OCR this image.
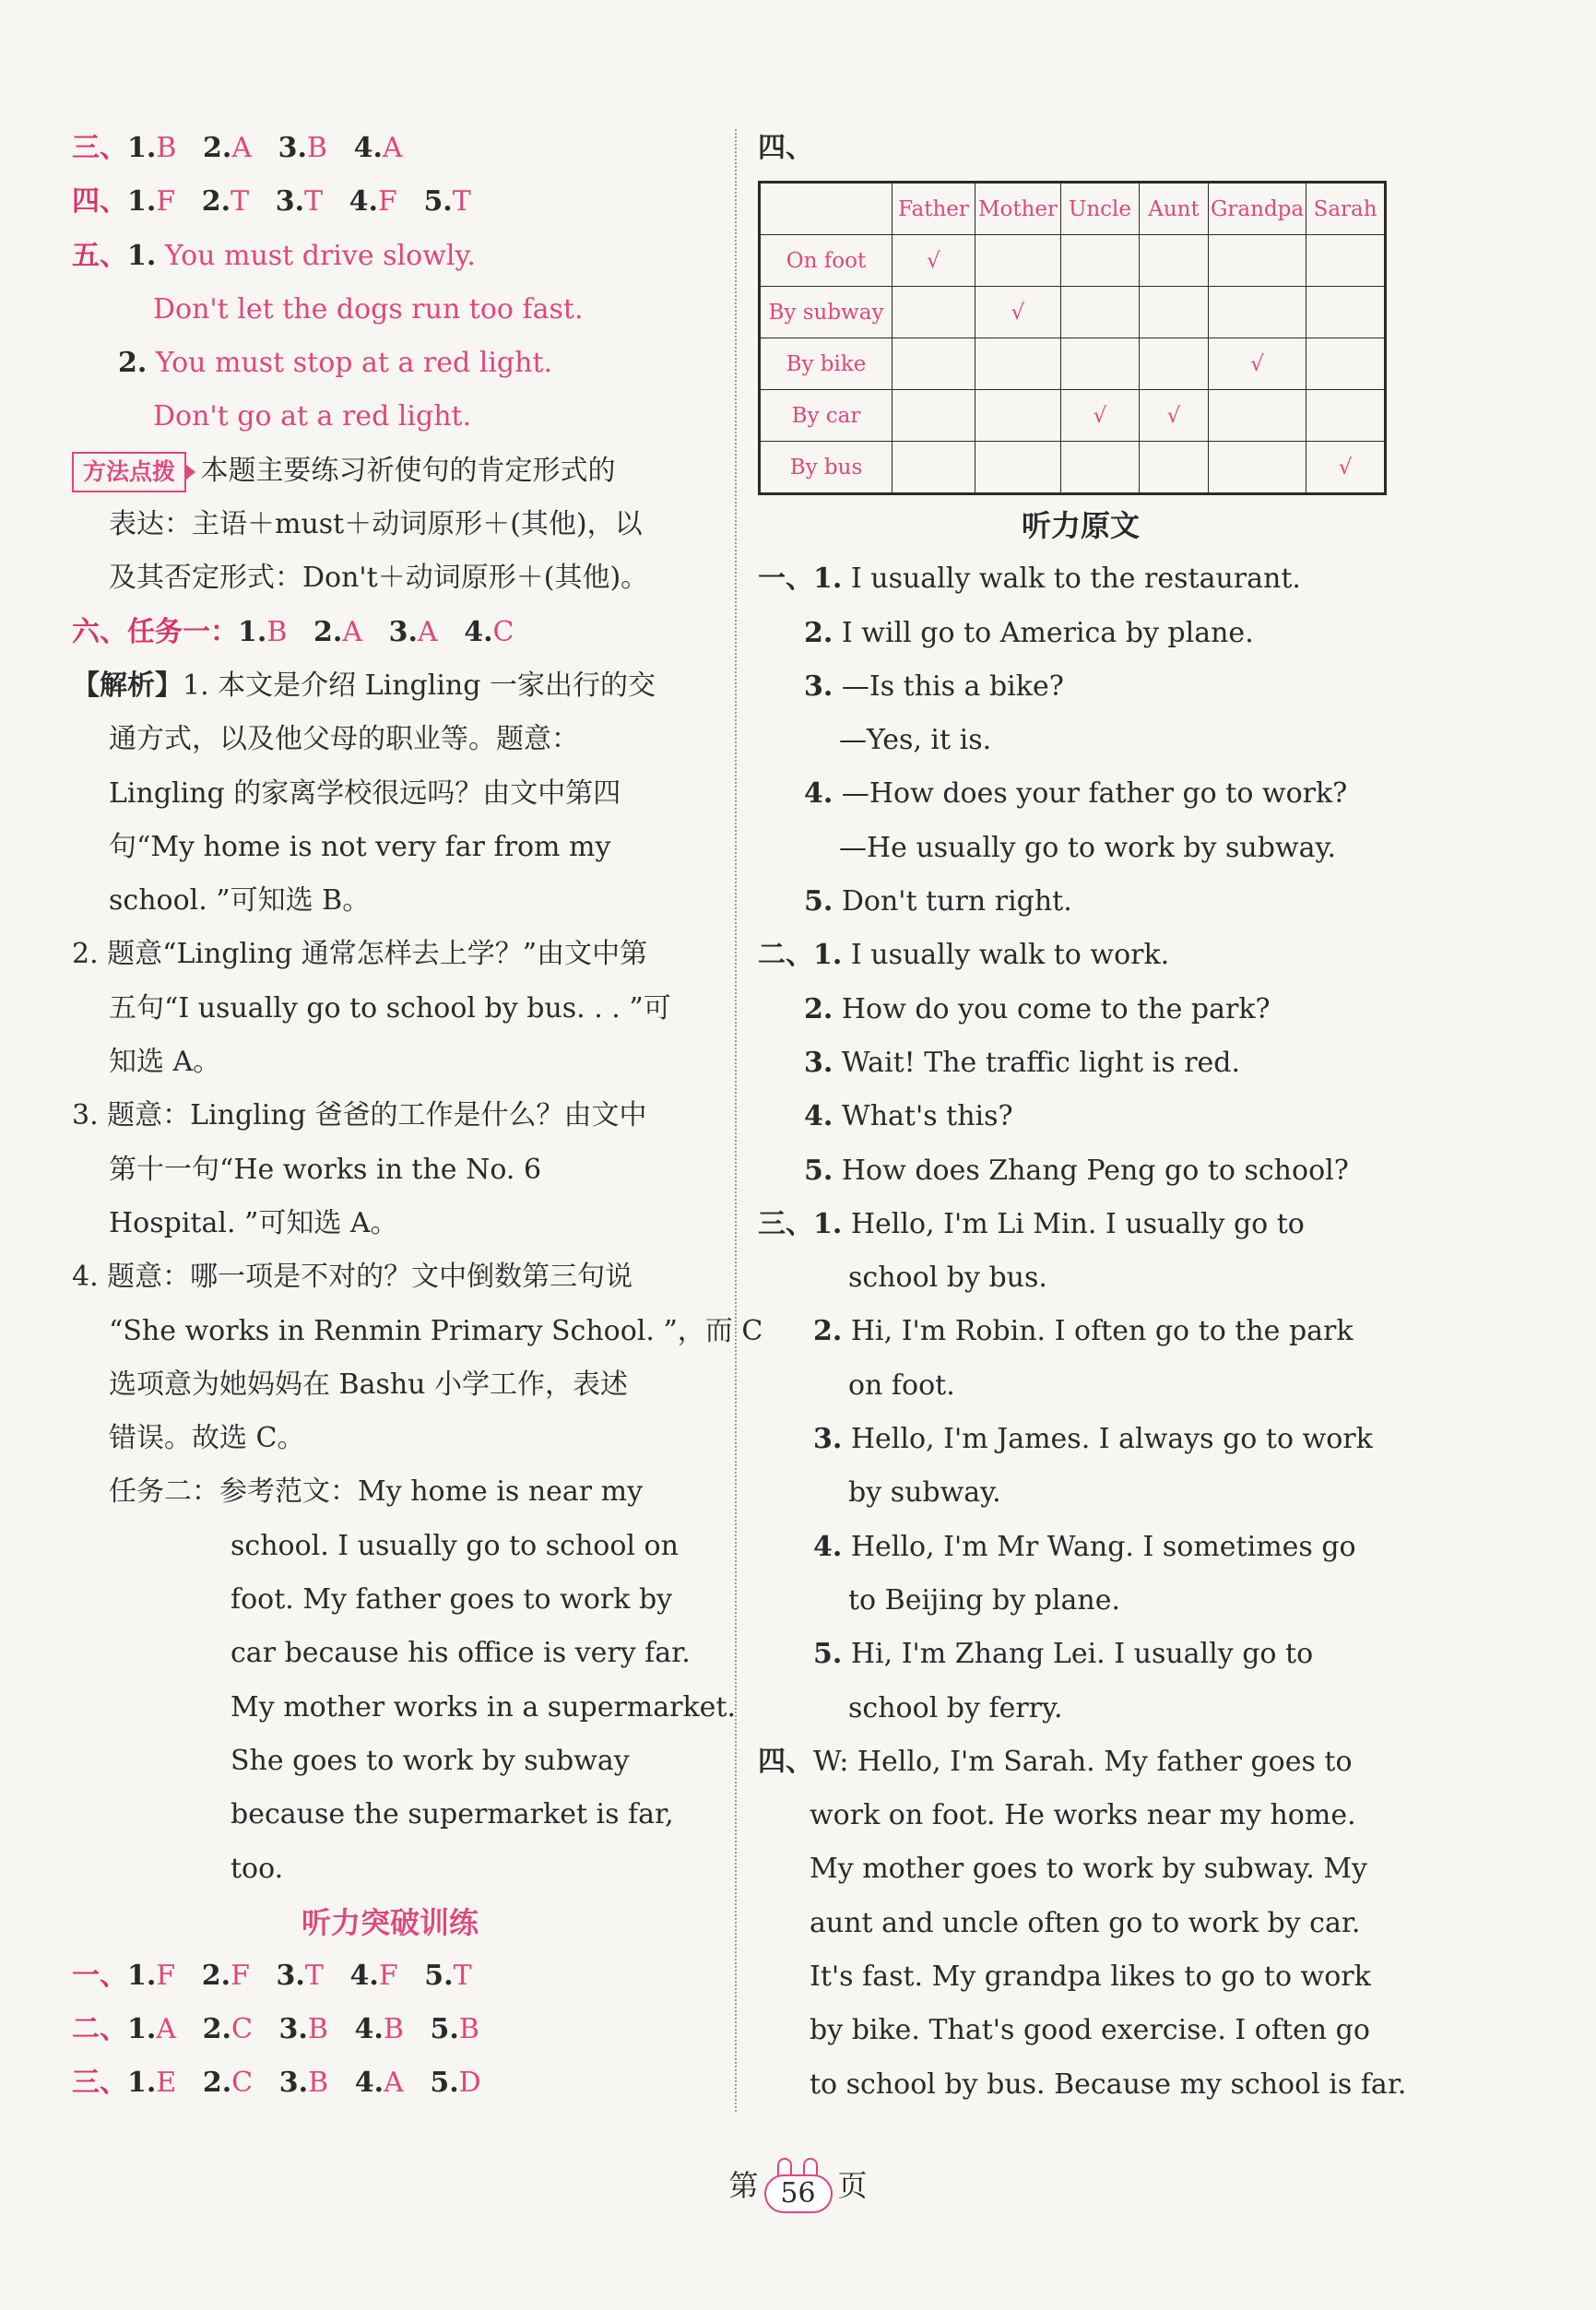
三、1.B 2.A 3.B 4.A
四、1.F 2.T 3.T 4.F 5.T
五、1. You must drive slowly.
Don't let the dogs run too fast.
2. You must stop at a red light.
Don't go at a red light.
方法点拨 本题主要练习祈使句的肯定形式的
表达：主语＋must＋动词原形＋(其他)，以
及其否定形式：Don't＋动词原形＋(其他)。
六、任务一：1.B 2.A 3.A 4.C
【解析】1. 本文是介绍 Lingling 一家出行的交
通方式，以及他父母的职业等。题意：
Lingling 的家离学校很远吗？由文中第四
句“My home is not very far from my
school. ”可知选 B。
2. 题意“Lingling 通常怎样去上学？”由文中第
五句“I usually go to school by bus. . . ”可
知选 A。
3. 题意：Lingling 爸爸的工作是什么？由文中
第十一句“He works in the No. 6
Hospital. ”可知选 A。
4. 题意：哪一项是不对的？文中倒数第三句说
“She works in Renmin Primary School. ”，而 C
选项意为她妈妈在 Bashu 小学工作，表述
错误。故选 C。
任务二：参考范文：My home is near my
school. I usually go to school on
foot. My father goes to work by
car because his office is very far.
My mother works in a supermarket.
She goes to work by subway
because the supermarket is far,
too.
听力突破训练
一、1.F 2.F 3.T 4.F 5.T
二、1.A 2.C 3.B 4.B 5.B
三、1.E 2.C 3.B 4.A 5.D
四、
	Father	Mother	Uncle	Aunt	Grandpa	Sarah
On foot	√					
By subway		√				
By bike					√	
By car			√	√		
By bus						√
听力原文
一、1. I usually walk to the restaurant.
2. I will go to America by plane.
3. —Is this a bike?
—Yes, it is.
4. —How does your father go to work?
—He usually go to work by subway.
5. Don't turn right.
二、1. I usually walk to work.
2. How do you come to the park?
3. Wait! The traffic light is red.
4. What's this?
5. How does Zhang Peng go to school?
三、1. Hello, I'm Li Min. I usually go to
school by bus.
2. Hi, I'm Robin. I often go to the park
on foot.
3. Hello, I'm James. I always go to work
by subway.
4. Hello, I'm Mr Wang. I sometimes go
to Beijing by plane.
5. Hi, I'm Zhang Lei. I usually go to
school by ferry.
四、W: Hello, I'm Sarah. My father goes to
work on foot. He works near my home.
My mother goes to work by subway. My
aunt and uncle often go to work by car.
It's fast. My grandpa likes to go to work
by bike. That's good exercise. I often go
to school by bus. Because my school is far.
第 56 页
